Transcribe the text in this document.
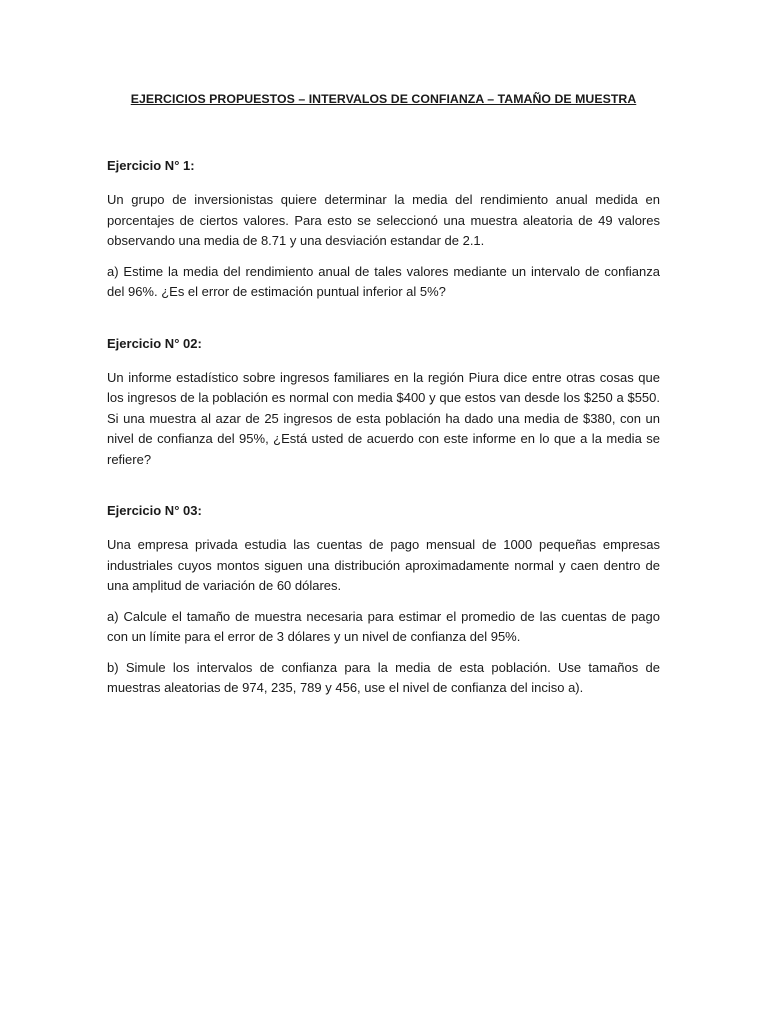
EJERCICIOS PROPUESTOS – INTERVALOS DE CONFIANZA – TAMAÑO DE MUESTRA
Ejercicio N° 1:

Un grupo de inversionistas quiere determinar la media del rendimiento anual medida en porcentajes de ciertos valores. Para esto se seleccionó una muestra aleatoria de 49 valores observando una media de 8.71 y una desviación estandar de 2.1.

a) Estime la media del rendimiento anual de tales valores mediante un intervalo de confianza del 96%. ¿Es el error de estimación puntual inferior al 5%?

Ejercicio N° 02:

Un informe estadístico sobre ingresos familiares en la región Piura dice entre otras cosas que los ingresos de la población es normal con media $400 y que estos van desde los $250 a $550. Si una muestra al azar de 25 ingresos de esta población ha dado una media de $380, con un nivel de confianza del 95%, ¿Está usted de acuerdo con este informe en lo que a la media se refiere?

Ejercicio N° 03:

Una empresa privada estudia las cuentas de pago mensual de 1000 pequeñas empresas industriales cuyos montos siguen una distribución aproximadamente normal y caen dentro de una amplitud de variación de 60 dólares.

a) Calcule el tamaño de muestra necesaria para estimar el promedio de las cuentas de pago con un límite para el error de 3 dólares y un nivel de confianza del 95%.

b) Simule los intervalos de confianza para la media de esta población. Use tamaños de muestras aleatorias de 974, 235, 789 y 456, use el nivel de confianza del inciso a).
